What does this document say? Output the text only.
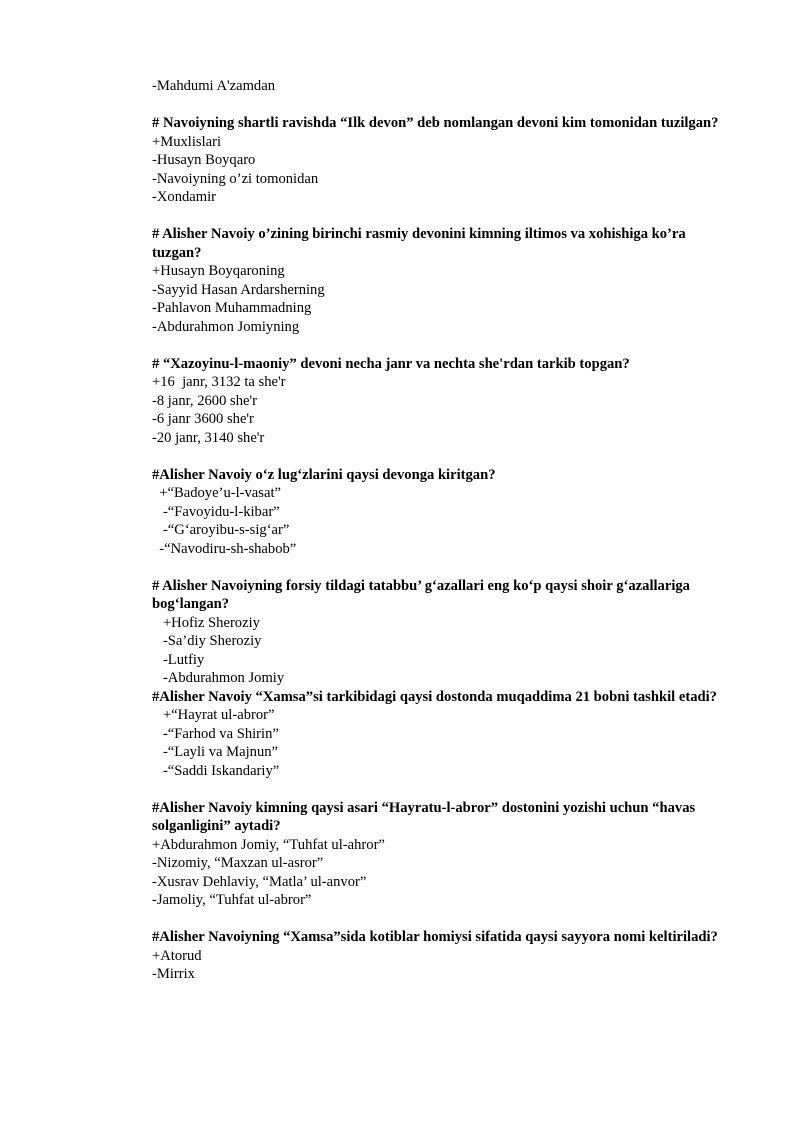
-Mahdumi A'zamdan
# Navoiyning shartli ravishda “Ilk devon” deb nomlangan devoni kim tomonidan tuzilgan?
+Muxlislari
-Husayn Boyqaro
-Navoiyning o’zi tomonidan
-Xondamir
# Alisher Navoiy o’zining birinchi rasmiy devonini kimning iltimos va xohishiga ko’ra tuzgan?
+Husayn Boyqaroning
-Sayyid Hasan Ardarsherning
-Pahlavon Muhammadning
-Abdurahmon Jomiyning
# “Xazoyinu-l-maoniy” devoni necha janr va nechta she'rdan tarkib topgan?
+16  janr, 3132 ta she'r
-8 janr, 2600 she'r
-6 janr 3600 she'r
-20 janr, 3140 she'r
#Alisher Navoiy o‘z lug‘zlarini qaysi devonga kiritgan?
+“Badoye’u-l-vasat”
-“Favoyidu-l-kibar”
-“G‘aroyibu-s-sig‘ar”
-“Navodiru-sh-shabob”
# Alisher Navoiyning forsiy tildagi tatabbu’ g‘azallari eng ko‘p qaysi shoir g‘azallariga bog‘langan?
+Hofiz Sheroziy
-Sa’diy Sheroziy
-Lutfiy
-Abdurahmon Jomiy
#Alisher Navoiy “Xamsa”si tarkibidagi qaysi dostonda muqaddima 21 bobni tashkil etadi?
+“Hayrat ul-abror”
-“Farhod va Shirin”
-“Layli va Majnun”
-“Saddi Iskandariy”
#Alisher Navoiy kimning qaysi asari “Hayratu-l-abror” dostonini yozishi uchun “havas solganligini” aytadi?
+Abdurahmon Jomiy, “Tuhfat ul-ahror”
-Nizomiy, “Maxzan ul-asror”
-Xusrav Dehlaviy, “Matla’ ul-anvor”
-Jamoliy, “Tuhfat ul-abror”
#Alisher Navoiyning “Xamsa”sida kotiblar homiysi sifatida qaysi sayyora nomi keltiriladi?
+Atorud
-Mirrix
